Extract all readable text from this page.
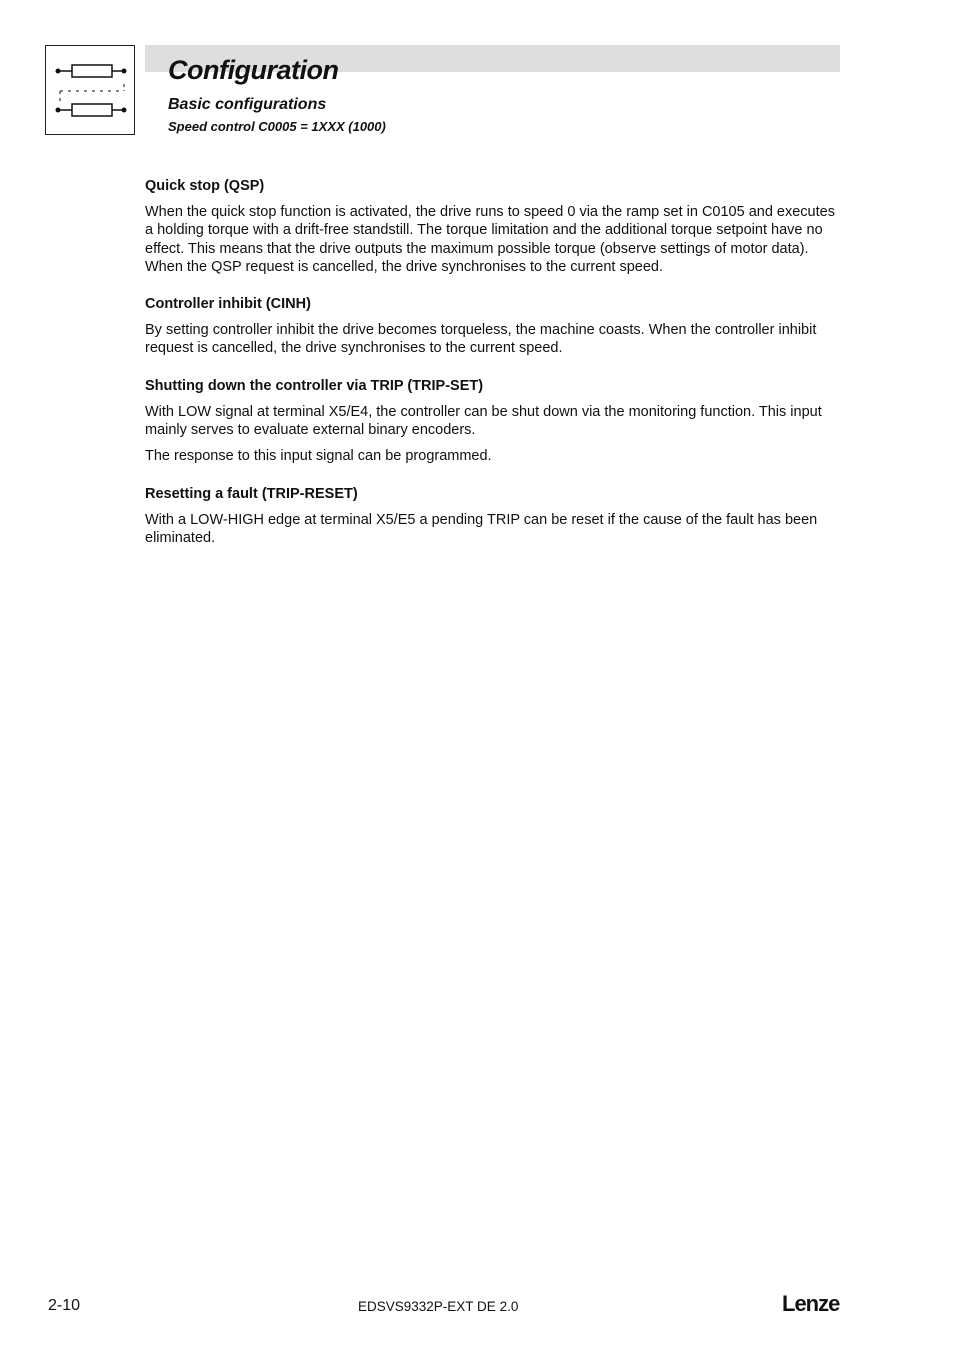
Configuration
Basic configurations
Speed control C0005 = 1XXX (1000)
Quick stop (QSP)

When the quick stop function is activated, the drive runs to speed 0 via the ramp set in C0105 and executes a holding torque with a drift-free standstill. The torque limitation and the additional torque setpoint have no effect. This means that the drive outputs the maximum possible torque (observe settings of motor data). When the QSP request is cancelled, the drive synchronises to the current speed.

Controller inhibit (CINH)

By setting controller inhibit the drive becomes torqueless, the machine coasts. When the controller inhibit request is cancelled, the drive synchronises to the current speed.

Shutting down the controller via TRIP (TRIP-SET)

With LOW signal at terminal X5/E4, the controller can be shut down via the monitoring function. This input mainly serves to evaluate external binary encoders.

The response to this input signal can be programmed.

Resetting a fault (TRIP-RESET)

With a LOW-HIGH edge at terminal X5/E5 a pending TRIP can be reset if the cause of the fault has been eliminated.

2-10	EDSVS9332P-EXT DE 2.0	Lenze
